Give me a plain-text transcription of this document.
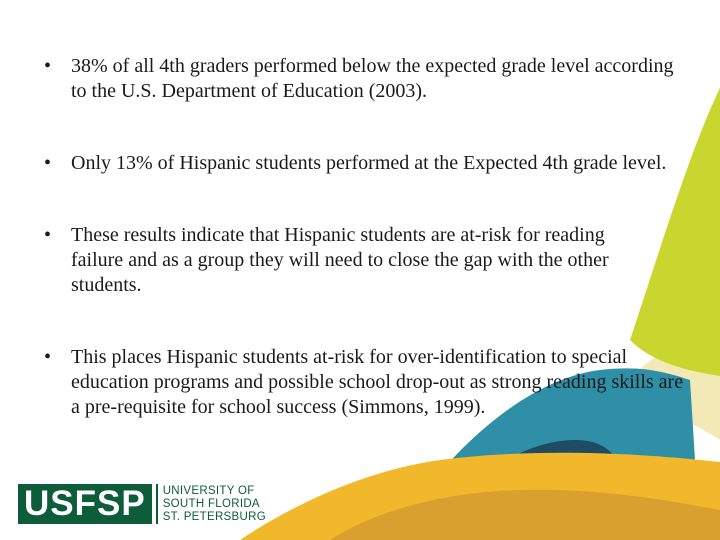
• 38% of all 4th graders performed below the expected grade level according to the U.S. Department of Education (2003).
• Only 13% of Hispanic students performed at the Expected 4th grade level.
• These results indicate that Hispanic students are at-risk for reading failure and as a group they will need to close the gap with the other students.
• This places Hispanic students at-risk for over-identification to special education programs and possible school drop-out as strong reading skills are a pre-requisite for school success (Simmons, 1999).
USFSP	UNIVERSITY OF
SOUTH FLORIDA
ST. PETERSBURG
